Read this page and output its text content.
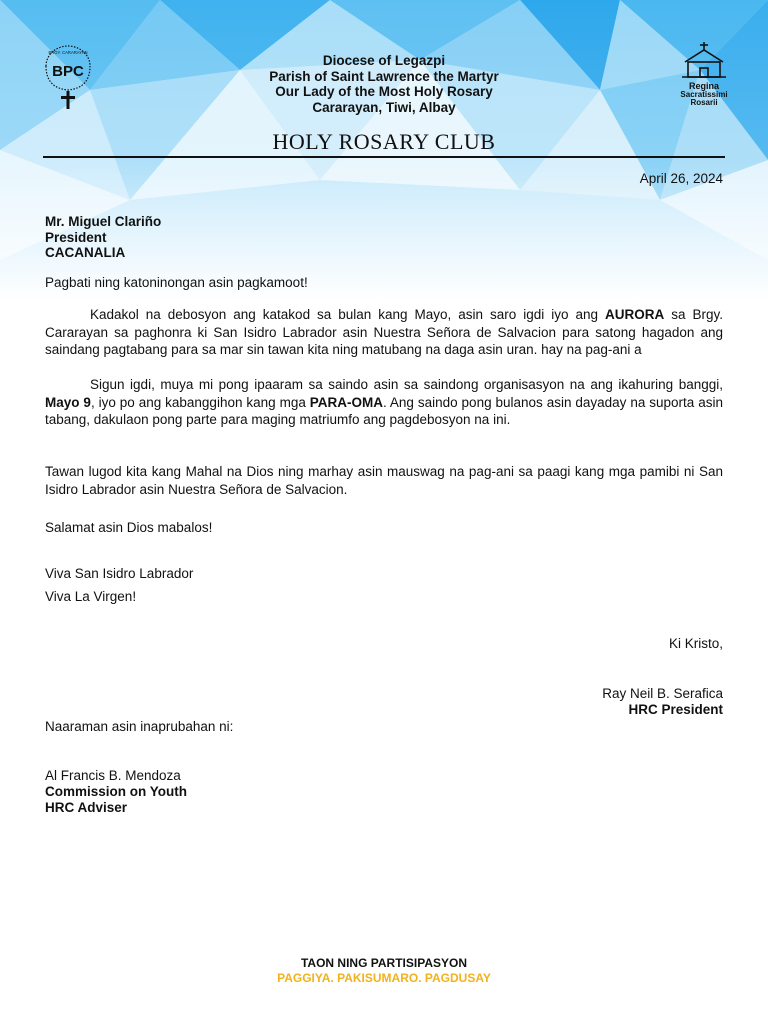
BRGY. CARARAYAN
BPC
Regina
Sacratissimi
Rosarii
Diocese of Legazpi
Parish of Saint Lawrence the Martyr
Our Lady of the Most Holy Rosary
Cararayan, Tiwi, Albay
HOLY ROSARY CLUB
April 26, 2024
Mr. Miguel Clariño
President
CACANALIA
Pagbati ning katoninongan asin pagkamoot!
Kadakol na debosyon ang katakod sa bulan kang Mayo, asin saro igdi iyo ang AURORA sa Brgy. Cararayan sa paghonra ki San Isidro Labrador asin Nuestra Señora de Salvacion para satong hagadon ang saindang pagtabang para sa mar sin tawan kita ning matubang na daga asin uran. hay na pag-ani a
Sigun igdi, muya mi pong ipaaram sa saindo asin sa saindong organisasyon na ang ikahuring banggi, Mayo 9, iyo po ang kabanggihon kang mga PARA-OMA. Ang saindo pong bulanos asin dayaday na suporta asin tabang, dakulaon pong parte para maging matriumfo ang pagdebosyon na ini.
Tawan lugod kita kang Mahal na Dios ning marhay asin mauswag na pag-ani sa paagi kang mga pamibi ni San Isidro Labrador asin Nuestra Señora de Salvacion.
Salamat asin Dios mabalos!
Viva San Isidro Labrador
Viva La Virgen!
Ki Kristo,
Ray Neil B. Serafica
HRC President
Naaraman asin inaprubahan ni:
Al Francis B. Mendoza
Commission on Youth
HRC Adviser
TAON NING PARTISIPASYON
PAGGIYA. PAKISUMARO. PAGDUSAY
